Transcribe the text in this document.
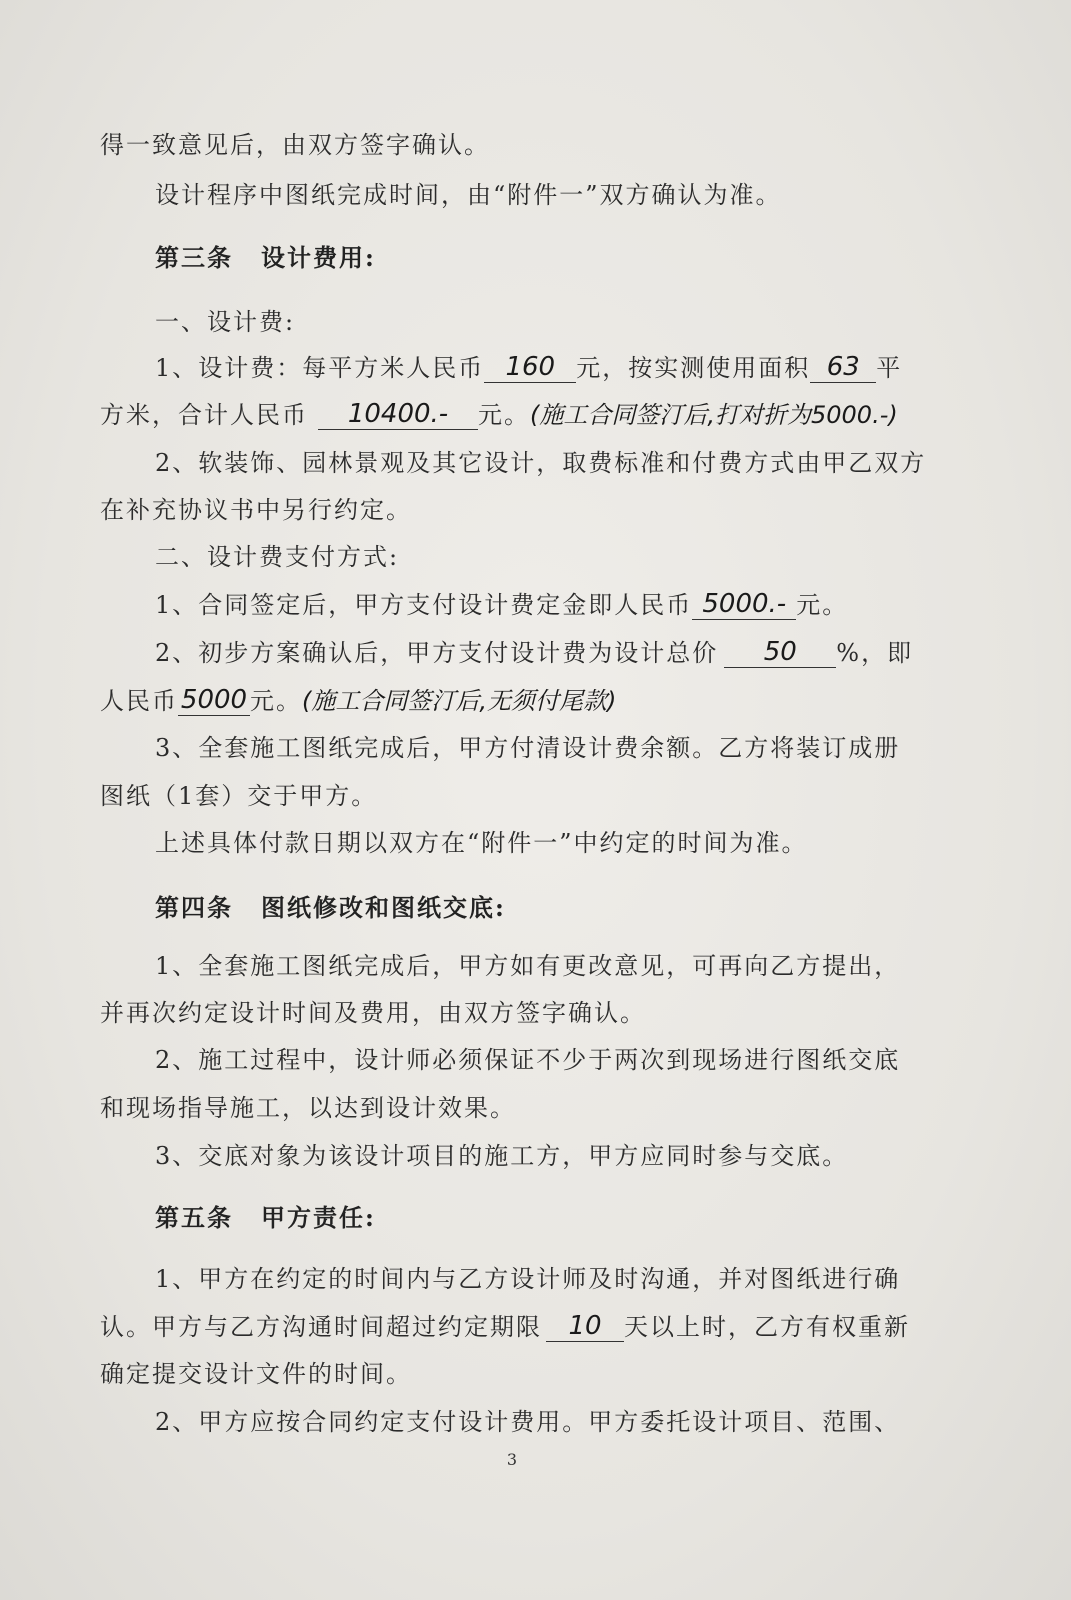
得一致意见后，由双方签字确认。
设计程序中图纸完成时间，由“附件一”双方确认为准。
第三条 设计费用:
一、设计费:
1、设计费：每平方米人民币 160 元，按实测使用面积 63 平
方米，合计人民币 10400.- 元。(施工合同签汀后,打对折为5000.-)
2、软装饰、园林景观及其它设计，取费标准和付费方式由甲乙双方
在补充协议书中另行约定。
二、设计费支付方式:
1、合同签定后，甲方支付设计费定金即人民币 5000.- 元。
2、初步方案确认后，甲方支付设计费为设计总价 50 %，即
人民币 5000 元。(施工合同签汀后,无须付尾款)
3、全套施工图纸完成后，甲方付清设计费余额。乙方将装订成册
图纸（1套）交于甲方。
上述具体付款日期以双方在“附件一”中约定的时间为准。
第四条 图纸修改和图纸交底:
1、全套施工图纸完成后，甲方如有更改意见，可再向乙方提出，
并再次约定设计时间及费用，由双方签字确认。
2、施工过程中，设计师必须保证不少于两次到现场进行图纸交底
和现场指导施工，以达到设计效果。
3、交底对象为该设计项目的施工方，甲方应同时参与交底。
第五条 甲方责任:
1、甲方在约定的时间内与乙方设计师及时沟通，并对图纸进行确
认。甲方与乙方沟通时间超过约定期限 10 天以上时，乙方有权重新
确定提交设计文件的时间。
2、甲方应按合同约定支付设计费用。甲方委托设计项目、范围、
3
